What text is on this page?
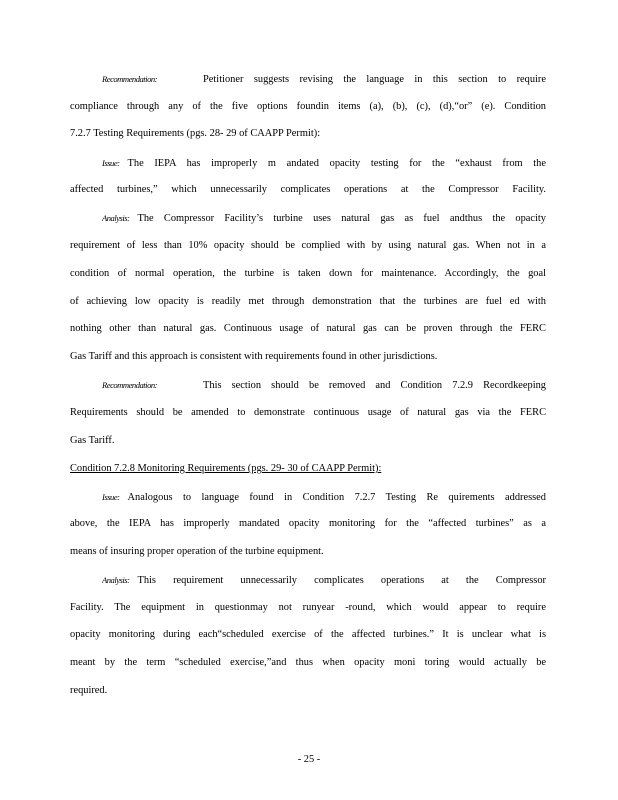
Recommendation:	Petitioner suggests revising the language in this section to require
compliance through any of the five options foundin items (a), (b), (c), (d),“or” (e). Condition
7.2.7 Testing Requirements (pgs. 28- 29 of CAAPP Permit):
Issue: The IEPA has improperly m andated opacity testing for the “exhaust from the
affected turbines,” which unnecessarily complicates operations at the Compressor Facility.
Analysis: The Compressor Facility’s turbine uses natural gas as fuel andthus the opacity
requirement of less than 10% opacity should be complied with by using natural gas. When not in a
condition of normal operation, the turbine is taken down for maintenance. Accordingly, the goal
of achieving low opacity is readily met through demonstration that the turbines are fuel ed with
nothing other than natural gas. Continuous usage of natural gas can be proven through the FERC
Gas Tariff and this approach is consistent with requirements found in other jurisdictions.
Recommendation:	This section should be removed and Condition 7.2.9 Recordkeeping
Requirements should be amended to demonstrate continuous usage of natural gas via the FERC
Gas Tariff.
Condition 7.2.8 Monitoring Requirements (pgs. 29- 30 of CAAPP Permit):
Issue: Analogous to language found in Condition 7.2.7 Testing Re quirements addressed
above, the IEPA has improperly mandated opacity monitoring for the “affected turbines” as a
means of insuring proper operation of the turbine equipment.
Analysis: This requirement unnecessarily complicates operations at the Compressor
Facility. The equipment in questionmay not runyear -round, which would appear to require
opacity monitoring during each“scheduled exercise of the affected turbines.” It is unclear what is
meant by the term “scheduled exercise,”and thus when opacity moni toring would actually be
required.
- 25 -
